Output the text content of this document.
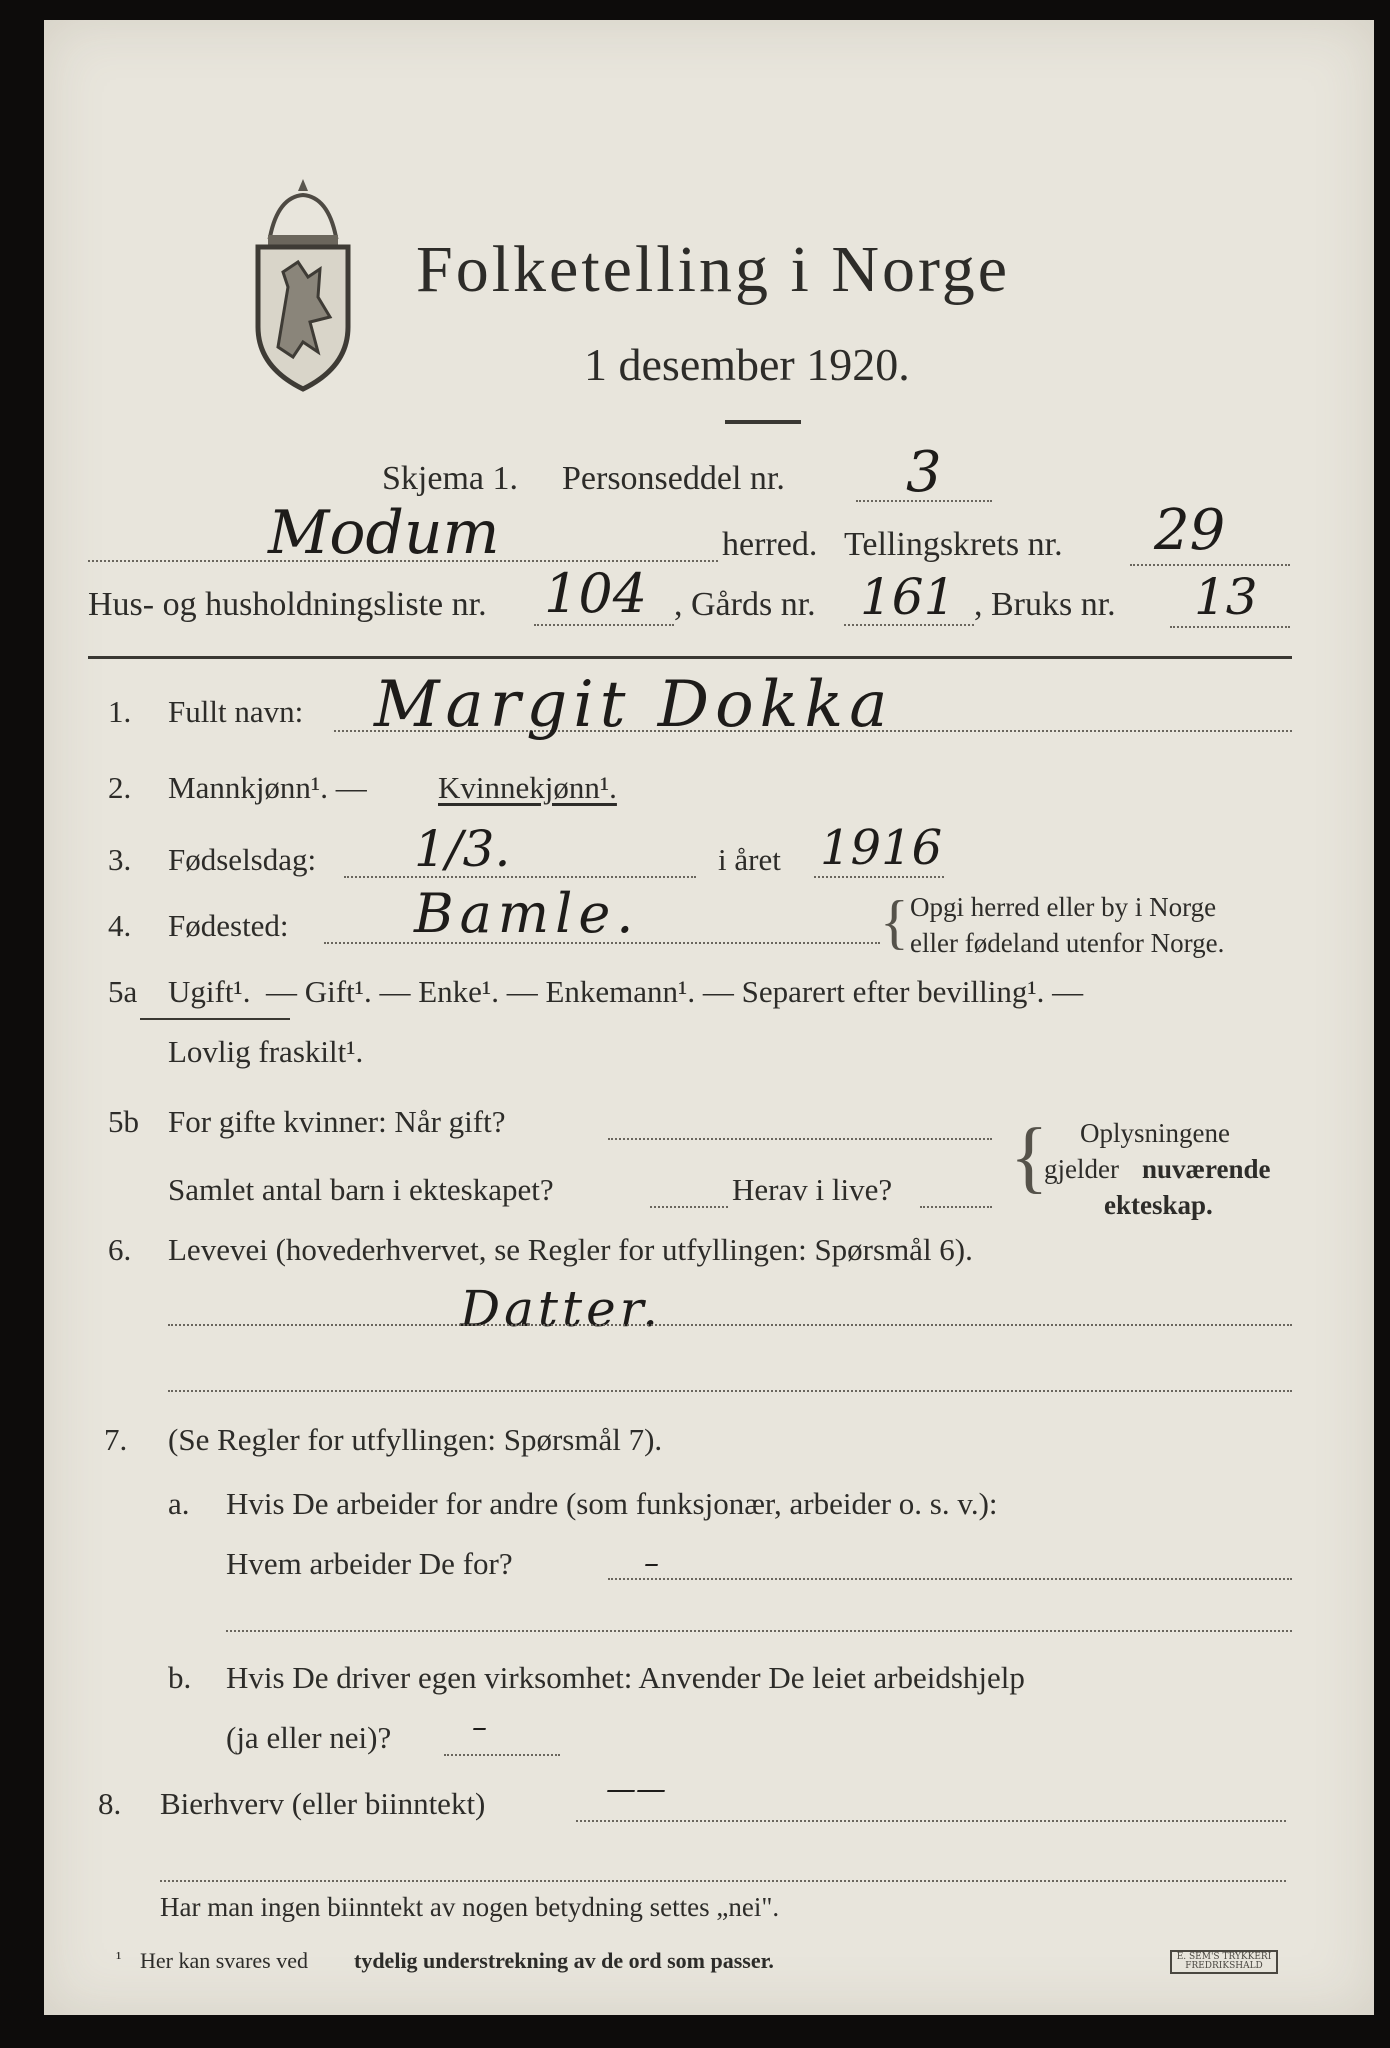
Folketelling i Norge
1 desember 1920.
Skjema 1. Personseddel nr. 3
Modum	herred. Tellingskrets nr. 29
Hus- og husholdningsliste nr. 104 , Gårds nr. 161 , Bruks nr. 13
1. Fullt navn: Margit Dokka
2. Mannkjønn¹. — Kvinnekjønn¹.
3. Fødselsdag: 1/3.	i året 1916
4. Fødested: Bamle.	{ Opgi herred eller by i Norge
eller fødeland utenfor Norge.
5a Ugift¹. — Gift¹. — Enke¹. — Enkemann¹. — Separert efter bevilling¹. —
Lovlig fraskilt¹.
5b For gifte kvinner: Når gift?
Samlet antal barn i ekteskapet?	Herav i live? { Oplysningene
gjelder nuværende
ekteskap.
6. Levevei (hovederhvervet, se Regler for utfyllingen: Spørsmål 6).
Datter.
7. (Se Regler for utfyllingen: Spørsmål 7).
a. Hvis De arbeider for andre (som funksjonær, arbeider o. s. v.):
Hvem arbeider De for?	–
b. Hvis De driver egen virksomhet: Anvender De leiet arbeidshjelp
(ja eller nei)?	–
8. Bierhverv (eller biinntekt)	——
Har man ingen biinntekt av nogen betydning settes „nei".
¹ Her kan svares ved tydelig understrekning av de ord som passer.	E. SEM'S TRYKKERI
FREDRIKSHALD
